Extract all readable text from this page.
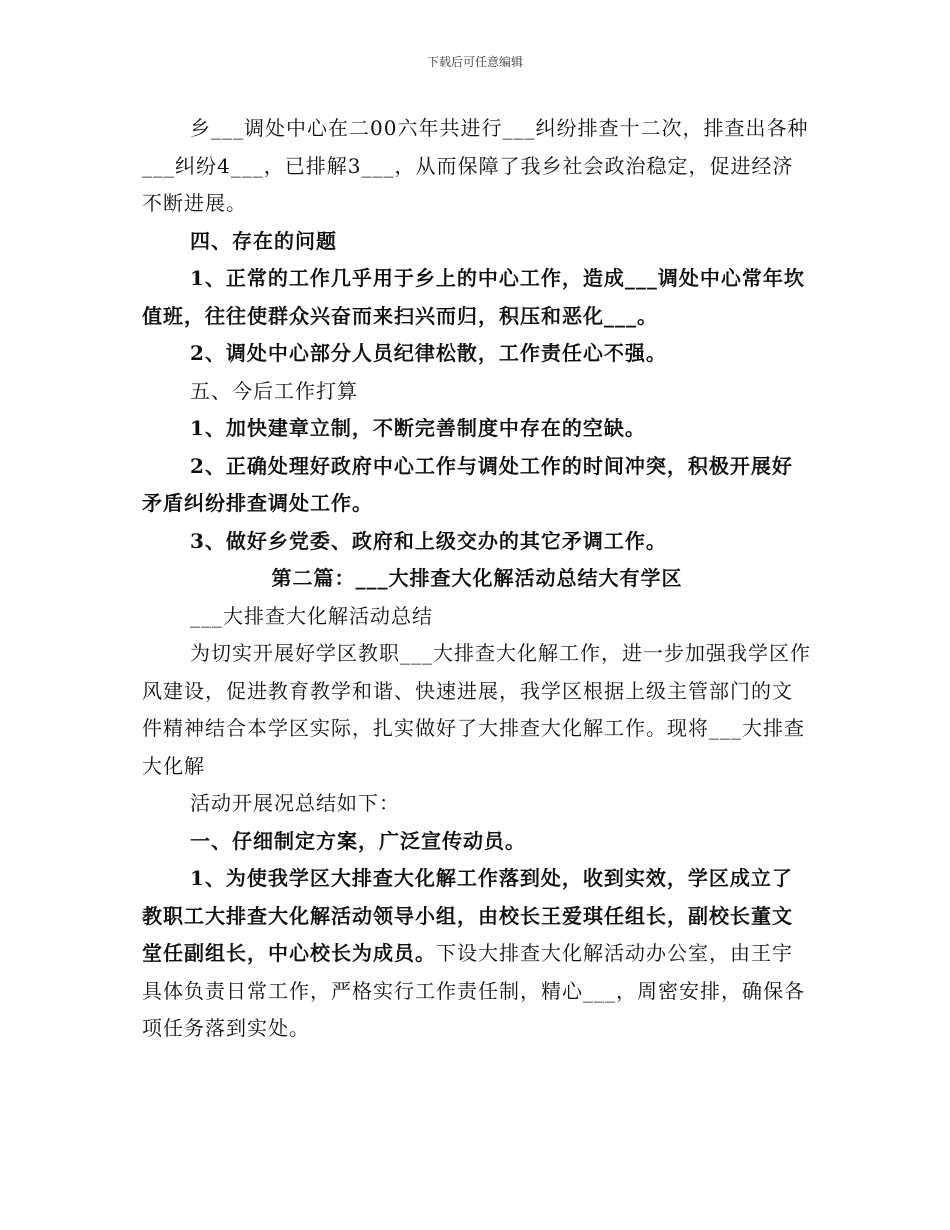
下载后可任意编辑

乡___调处中心在二00六年共进行___纠纷排查十二次，排查出各种___纠纷4___，已排解3___，从而保障了我乡社会政治稳定，促进经济不断进展。

四、存在的问题

1、正常的工作几乎用于乡上的中心工作，造成___调处中心常年坎值班，往往使群众兴奋而来扫兴而归，积压和恶化___。

2、调处中心部分人员纪律松散，工作责任心不强。

五、今后工作打算

1、加快建章立制，不断完善制度中存在的空缺。

2、正确处理好政府中心工作与调处工作的时间冲突，积极开展好矛盾纠纷排查调处工作。

3、做好乡党委、政府和上级交办的其它矛调工作。

第二篇：___大排查大化解活动总结大有学区

___大排查大化解活动总结

为切实开展好学区教职___大排查大化解工作，进一步加强我学区作风建设，促进教育教学和谐、快速进展，我学区根据上级主管部门的文件精神结合本学区实际，扎实做好了大排查大化解工作。现将___大排查大化解

活动开展况总结如下：

一、仔细制定方案，广泛宣传动员。

1、为使我学区大排查大化解工作落到处，收到实效，学区成立了教职工大排查大化解活动领导小组，由校长王爱琪任组长，副校长董文堂任副组长，中心校长为成员。下设大排查大化解活动办公室，由王宇具体负责日常工作，严格实行工作责任制，精心___，周密安排，确保各项任务落到实处。
